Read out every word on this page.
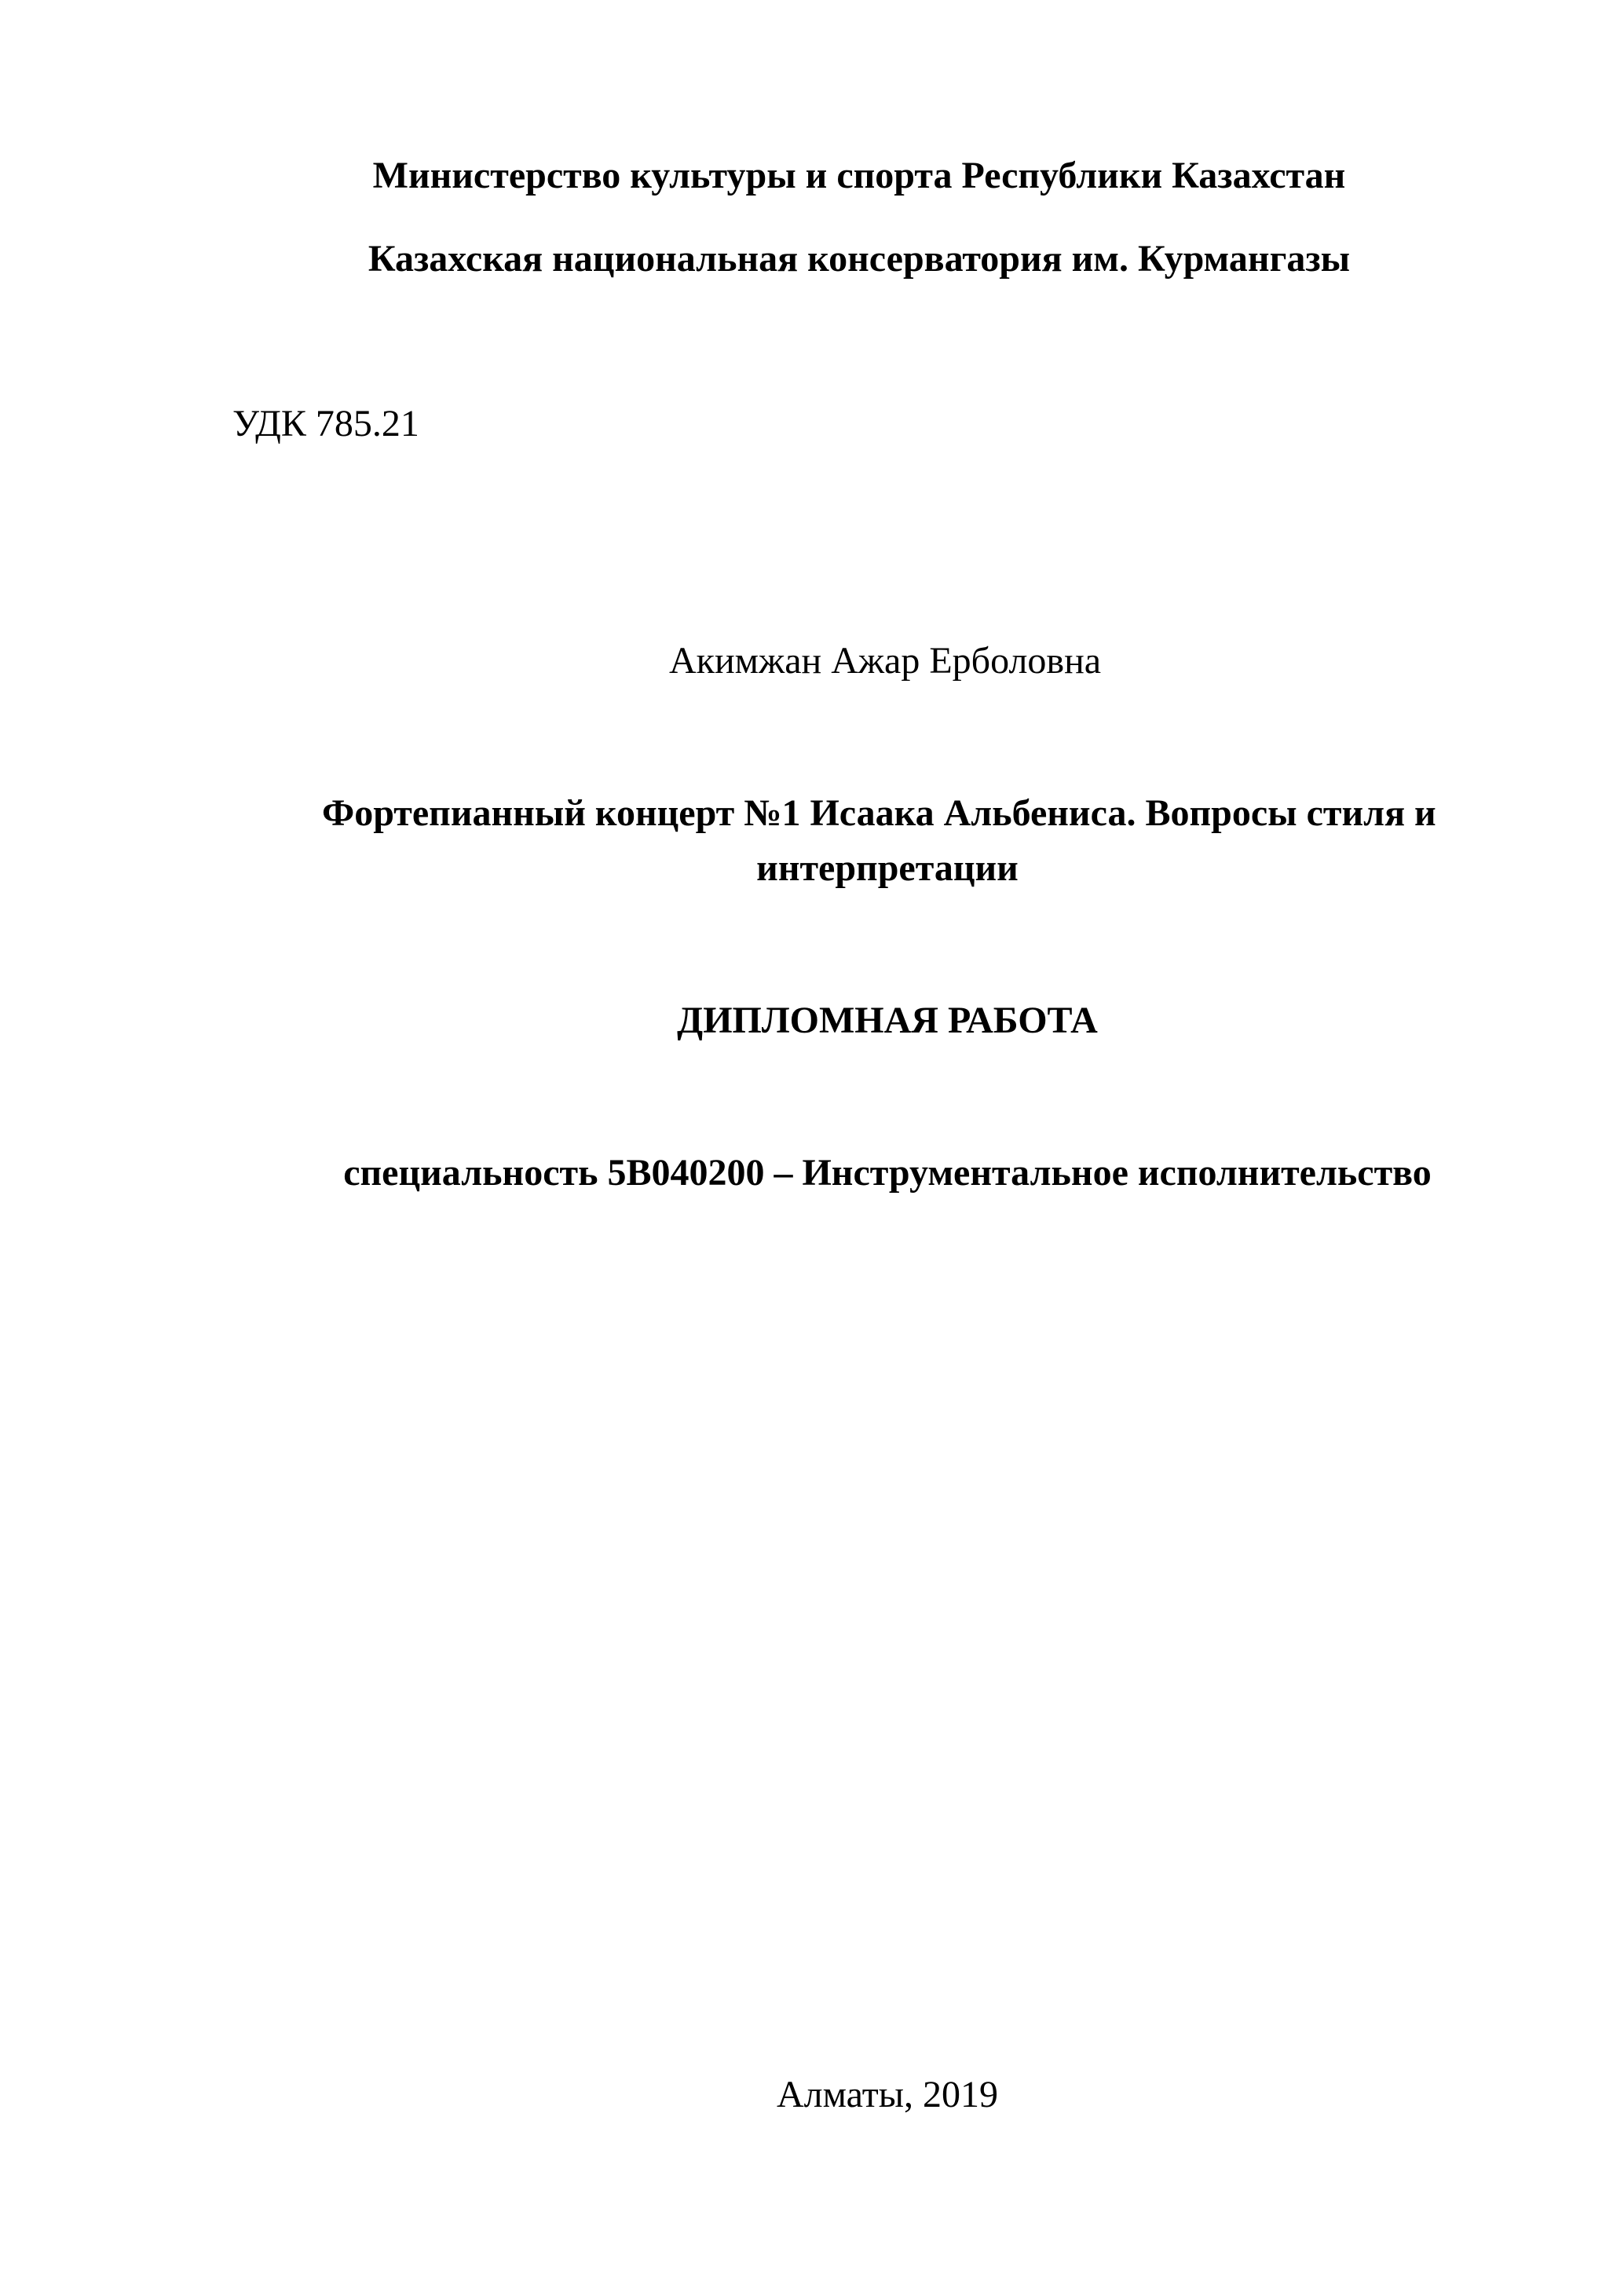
Министерство культуры и спорта Республики Казахстан
Казахская национальная консерватория им. Курмангазы
УДК 785.21
Акимжан Ажар Ерболовна
Фортепианный концерт №1 Исаака Альбениса. Вопросы стиля и
интерпретации
ДИПЛОМНАЯ РАБОТА
специальность 5В040200 – Инструментальное исполнительство
Алматы, 2019
